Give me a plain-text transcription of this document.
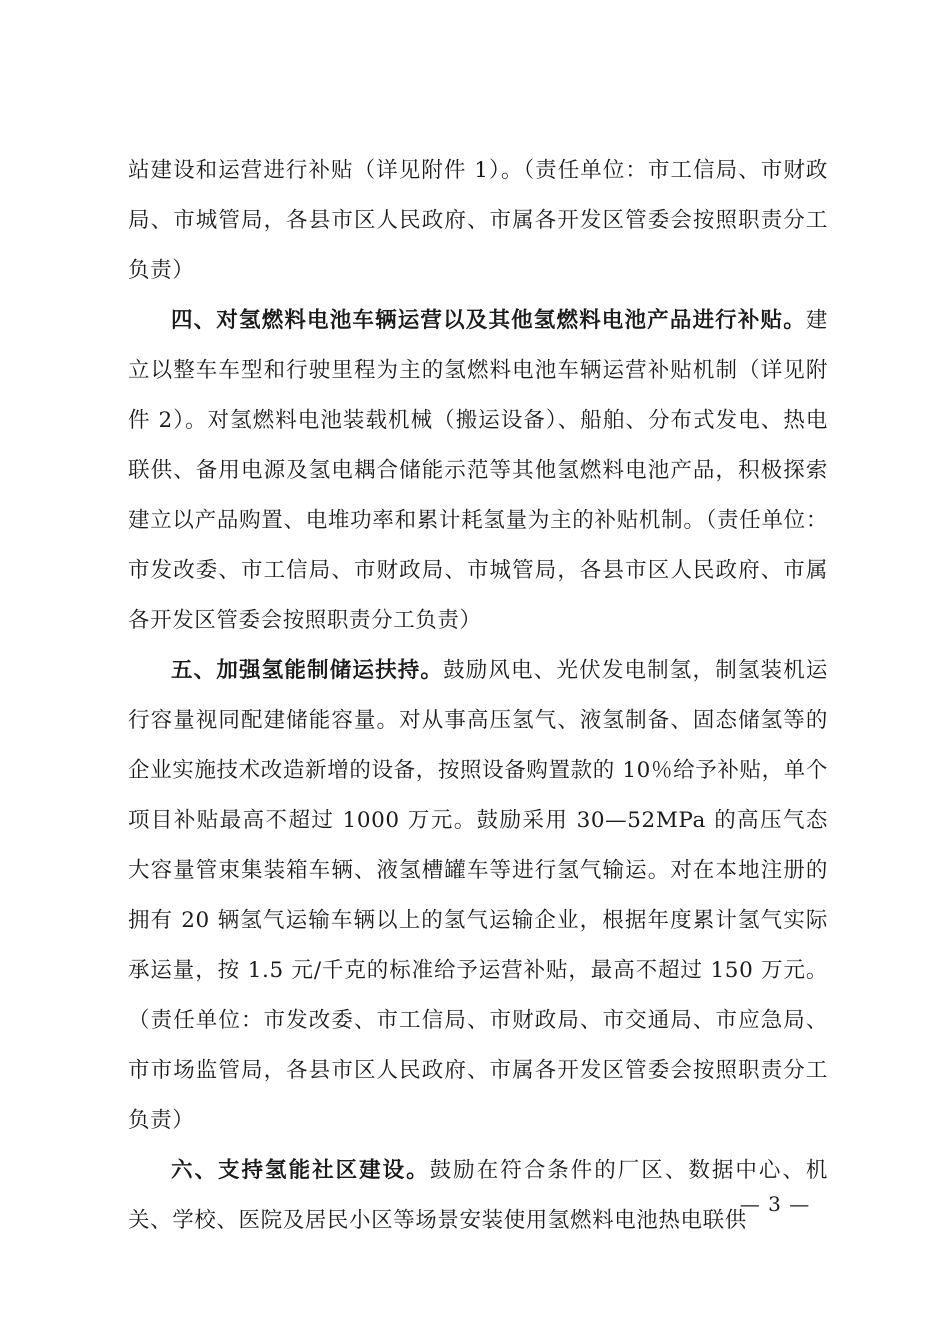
站建设和运营进行补贴（详见附件 1）。（责任单位：市工信局、市财政局、市城管局，各县市区人民政府、市属各开发区管委会按照职责分工负责）

四、对氢燃料电池车辆运营以及其他氢燃料电池产品进行补贴。建立以整车车型和行驶里程为主的氢燃料电池车辆运营补贴机制（详见附件 2）。对氢燃料电池装载机械（搬运设备）、船舶、分布式发电、热电联供、备用电源及氢电耦合储能示范等其他氢燃料电池产品，积极探索建立以产品购置、电堆功率和累计耗氢量为主的补贴机制。（责任单位：市发改委、市工信局、市财政局、市城管局，各县市区人民政府、市属各开发区管委会按照职责分工负责）

五、加强氢能制储运扶持。鼓励风电、光伏发电制氢，制氢装机运行容量视同配建储能容量。对从事高压氢气、液氢制备、固态储氢等的企业实施技术改造新增的设备，按照设备购置款的 10％给予补贴，单个项目补贴最高不超过 1000 万元。鼓励采用 30—52MPa 的高压气态大容量管束集装箱车辆、液氢槽罐车等进行氢气输运。对在本地注册的拥有 20 辆氢气运输车辆以上的氢气运输企业，根据年度累计氢气实际承运量，按 1.5 元/千克的标准给予运营补贴，最高不超过 150 万元。（责任单位：市发改委、市工信局、市财政局、市交通局、市应急局、市市场监管局，各县市区人民政府、市属各开发区管委会按照职责分工负责）

六、支持氢能社区建设。鼓励在符合条件的厂区、数据中心、机关、学校、医院及居民小区等场景安装使用氢燃料电池热电联供

— 3 —
